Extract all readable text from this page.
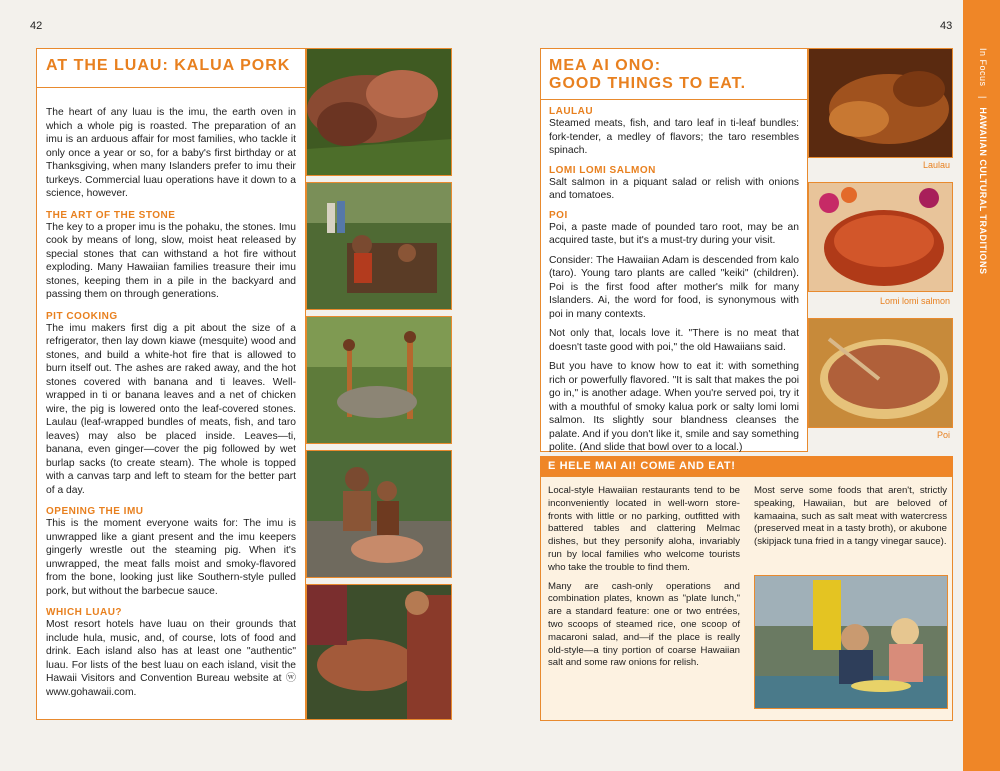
42	43
AT THE LUAU: KALUA PORK
The heart of any luau is the imu, the earth oven in which a whole pig is roasted. The preparation of an imu is an arduous affair for most families, who tackle it only once a year or so, for a baby's first birthday or at Thanksgiving, when many Islanders prefer to imu their turkeys. Commercial luau operations have it down to a science, however.
THE ART OF THE STONE
The key to a proper imu is the pohaku, the stones. Imu cook by means of long, slow, moist heat released by special stones that can withstand a hot fire without exploding. Many Hawaiian families treasure their imu stones, keeping them in a pile in the backyard and passing them on through generations.
PIT COOKING
The imu makers first dig a pit about the size of a refrigerator, then lay down kiawe (mesquite) wood and stones, and build a white-hot fire that is allowed to burn itself out. The ashes are raked away, and the hot stones covered with banana and ti leaves. Well-wrapped in ti or banana leaves and a net of chicken wire, the pig is lowered onto the leaf-covered stones. Laulau (leaf-wrapped bundles of meats, fish, and taro leaves) may also be placed inside. Leaves—ti, banana, even ginger—cover the pig followed by wet burlap sacks (to create steam). The whole is topped with a canvas tarp and left to steam for the better part of a day.
OPENING THE IMU
This is the moment everyone waits for: The imu is unwrapped like a giant present and the imu keepers gingerly wrestle out the steaming pig. When it's unwrapped, the meat falls moist and smoky-flavored from the bone, looking just like Southern-style pulled pork, but without the barbecue sauce.
WHICH LUAU?
Most resort hotels have luau on their grounds that include hula, music, and, of course, lots of food and drink. Each island also has at least one "authentic" luau. For lists of the best luau on each island, visit the Hawaii Visitors and Convention Bureau website at ⓦ www.gohawaii.com.
MEA AI ONO:
GOOD THINGS TO EAT.
LAULAU
Steamed meats, fish, and taro leaf in ti-leaf bundles: fork-tender, a medley of flavors; the taro resembles spinach.
LOMI LOMI SALMON
Salt salmon in a piquant salad or relish with onions and tomatoes.
POI
Poi, a paste made of pounded taro root, may be an acquired taste, but it's a must-try during your visit.
Consider: The Hawaiian Adam is descended from kalo (taro). Young taro plants are called "keiki" (children). Poi is the first food after mother's milk for many Islanders. Ai, the word for food, is synonymous with poi in many contexts.
Not only that, locals love it. "There is no meat that doesn't taste good with poi," the old Hawaiians said.
But you have to know how to eat it: with something rich or powerfully flavored. "It is salt that makes the poi go in," is another adage. When you're served poi, try it with a mouthful of smoky kalua pork or salty lomi lomi salmon. Its slightly sour blandness cleanses the palate. And if you don't like it, smile and say something polite. (And slide that bowl over to a local.)
Laulau
Lomi lomi salmon
Poi
E HELE MAI AI! COME AND EAT!
Local-style Hawaiian restaurants tend to be inconveniently located in well-worn store-fronts with little or no parking, outfitted with battered tables and clattering Melmac dishes, but they personify aloha, invariably run by local families who welcome tourists who take the trouble to find them.
Many are cash-only operations and combination plates, known as "plate lunch," are a standard feature: one or two entrées, two scoops of steamed rice, one scoop of macaroni salad, and—if the place is really old-style—a tiny portion of coarse Hawaiian salt and some raw onions for relish.
Most serve some foods that aren't, strictly speaking, Hawaiian, but are beloved of kamaaina, such as salt meat with watercress (preserved meat in a tasty broth), or akubone (skipjack tuna fried in a tangy vinegar sauce).
In Focus | HAWAIIAN CULTURAL TRADITIONS
